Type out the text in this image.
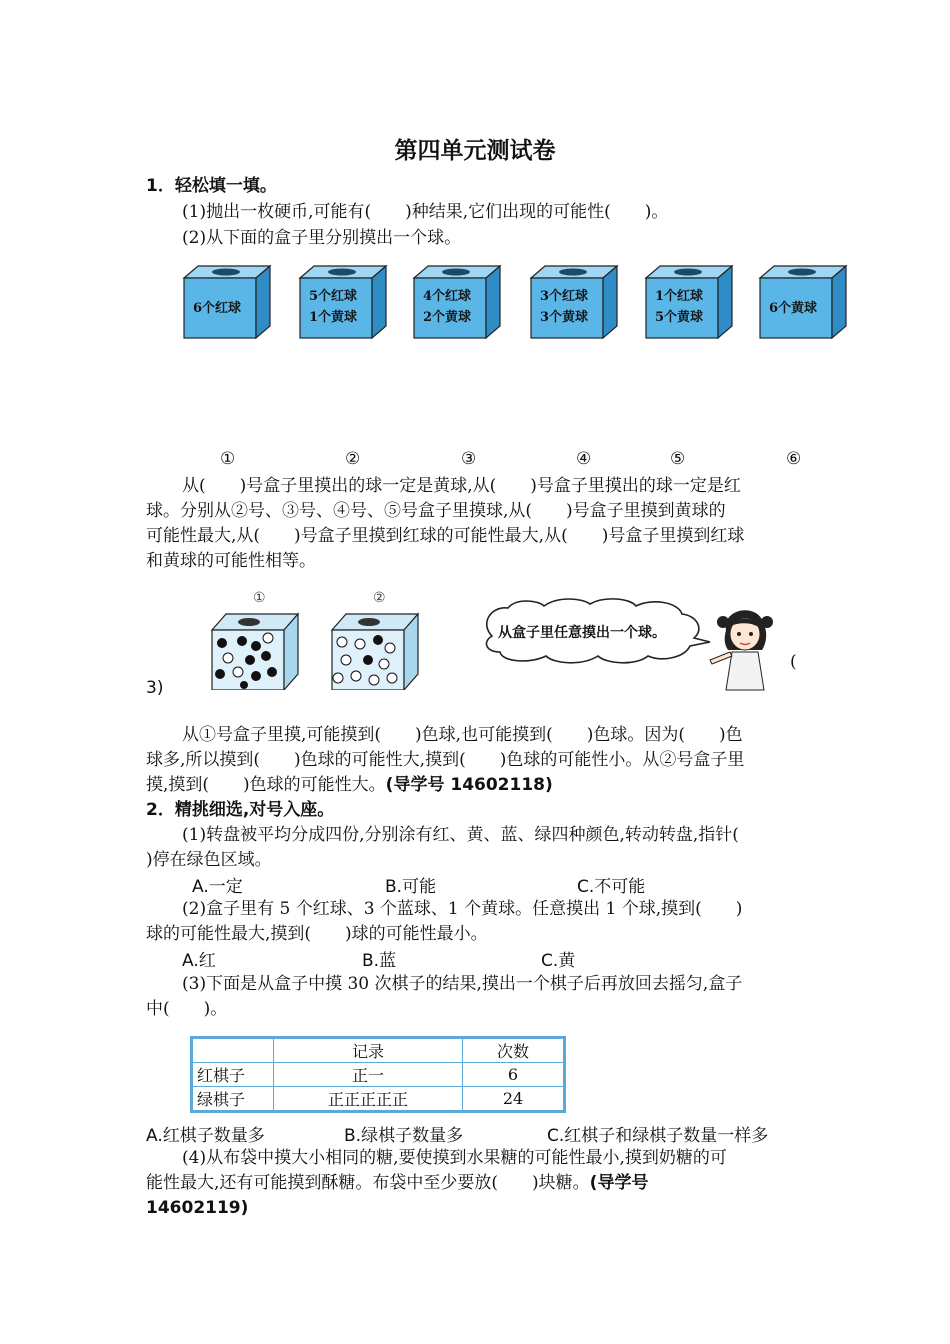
第四单元测试卷
1．轻松填一填。
(1)抛出一枚硬币,可能有(　　)种结果,它们出现的可能性(　　)。
(2)从下面的盒子里分别摸出一个球。
6个红球
5个红球
1个黄球
4个红球
2个黄球
3个红球
3个黄球
1个红球
5个黄球
6个黄球
①	②	③	④	⑤	⑥
从(　　)号盒子里摸出的球一定是黄球,从(　　)号盒子里摸出的球一定是红
球。分别从②号、③号、④号、⑤号盒子里摸球,从(　　)号盒子里摸到黄球的
可能性最大,从(　　)号盒子里摸到红球的可能性最大,从(　　)号盒子里摸到红球
和黄球的可能性相等。
①	②
从盒子里任意摸出一个球。
(
3)
从①号盒子里摸,可能摸到(　　)色球,也可能摸到(　　)色球。因为(　　)色
球多,所以摸到(　　)色球的可能性大,摸到(　　)色球的可能性小。从②号盒子里
摸,摸到(　　)色球的可能性大。(导学号 14602118)
2．精挑细选,对号入座。
(1)转盘被平均分成四份,分别涂有红、黄、蓝、绿四种颜色,转动转盘,指针(
)停在绿色区域。
A.一定	B.可能	C.不可能
(2)盒子里有 5 个红球、3 个蓝球、1 个黄球。任意摸出 1 个球,摸到(　　)
球的可能性最大,摸到(　　)球的可能性最小。
A.红	B.蓝	C.黄
(3)下面是从盒子中摸 30 次棋子的结果,摸出一个棋子后再放回去摇匀,盒子
中(　　)。
	记录	次数
红棋子	正一	6
绿棋子	正正正正正	24
A.红棋子数量多	B.绿棋子数量多	C.红棋子和绿棋子数量一样多
(4)从布袋中摸大小相同的糖,要使摸到水果糖的可能性最小,摸到奶糖的可
能性最大,还有可能摸到酥糖。布袋中至少要放(　　)块糖。(导学号
14602119)
